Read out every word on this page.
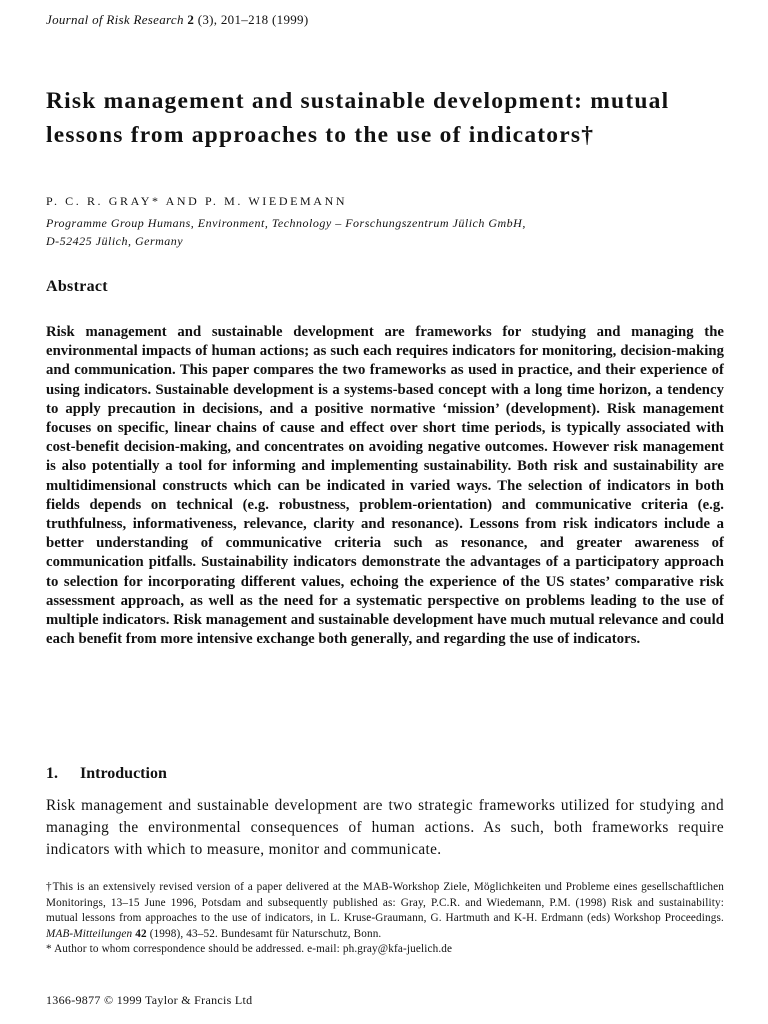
Journal of Risk Research 2 (3), 201–218 (1999)
Risk management and sustainable development: mutual lessons from approaches to the use of indicators†
P. C. R. GRAY* AND P. M. WIEDEMANN
Programme Group Humans, Environment, Technology – Forschungszentrum Jülich GmbH,
D-52425 Jülich, Germany
Abstract

Risk management and sustainable development are frameworks for studying and managing the environmental impacts of human actions; as such each requires indicators for monitoring, decision-making and communication. This paper compares the two frameworks as used in practice, and their experience of using indicators. Sustainable development is a systems-based concept with a long time horizon, a tendency to apply precaution in decisions, and a positive normative ‘mission’ (development). Risk management focuses on specific, linear chains of cause and effect over short time periods, is typically associated with cost-benefit decision-making, and concentrates on avoiding negative outcomes. However risk management is also potentially a tool for informing and implementing sustainability. Both risk and sustainability are multidimensional constructs which can be indicated in varied ways. The selection of indicators in both fields depends on technical (e.g. robustness, problem-orientation) and communicative criteria (e.g. truthfulness, informativeness, relevance, clarity and resonance). Lessons from risk indicators include a better understanding of communicative criteria such as resonance, and greater awareness of communication pitfalls. Sustainability indicators demonstrate the advantages of a participatory approach to selection for incorporating different values, echoing the experience of the US states’ comparative risk assessment approach, as well as the need for a systematic perspective on problems leading to the use of multiple indicators. Risk management and sustainable development have much mutual relevance and could each benefit from more intensive exchange both generally, and regarding the use of indicators.

1. Introduction

Risk management and sustainable development are two strategic frameworks utilized for studying and managing the environmental consequences of human actions. As such, both frameworks require indicators with which to measure, monitor and communicate.

†This is an extensively revised version of a paper delivered at the MAB-Workshop Ziele, Möglichkeiten und Probleme eines gesellschaftlichen Monitorings, 13–15 June 1996, Potsdam and subsequently published as: Gray, P.C.R. and Wiedemann, P.M. (1998) Risk and sustainability: mutual lessons from approaches to the use of indicators, in L. Kruse-Graumann, G. Hartmuth and K-H. Erdmann (eds) Workshop Proceedings. MAB-Mitteilungen 42 (1998), 43–52. Bundesamt für Naturschutz, Bonn.

* Author to whom correspondence should be addressed. e-mail: ph.gray@kfa-juelich.de

1366-9877 © 1999 Taylor & Francis Ltd
